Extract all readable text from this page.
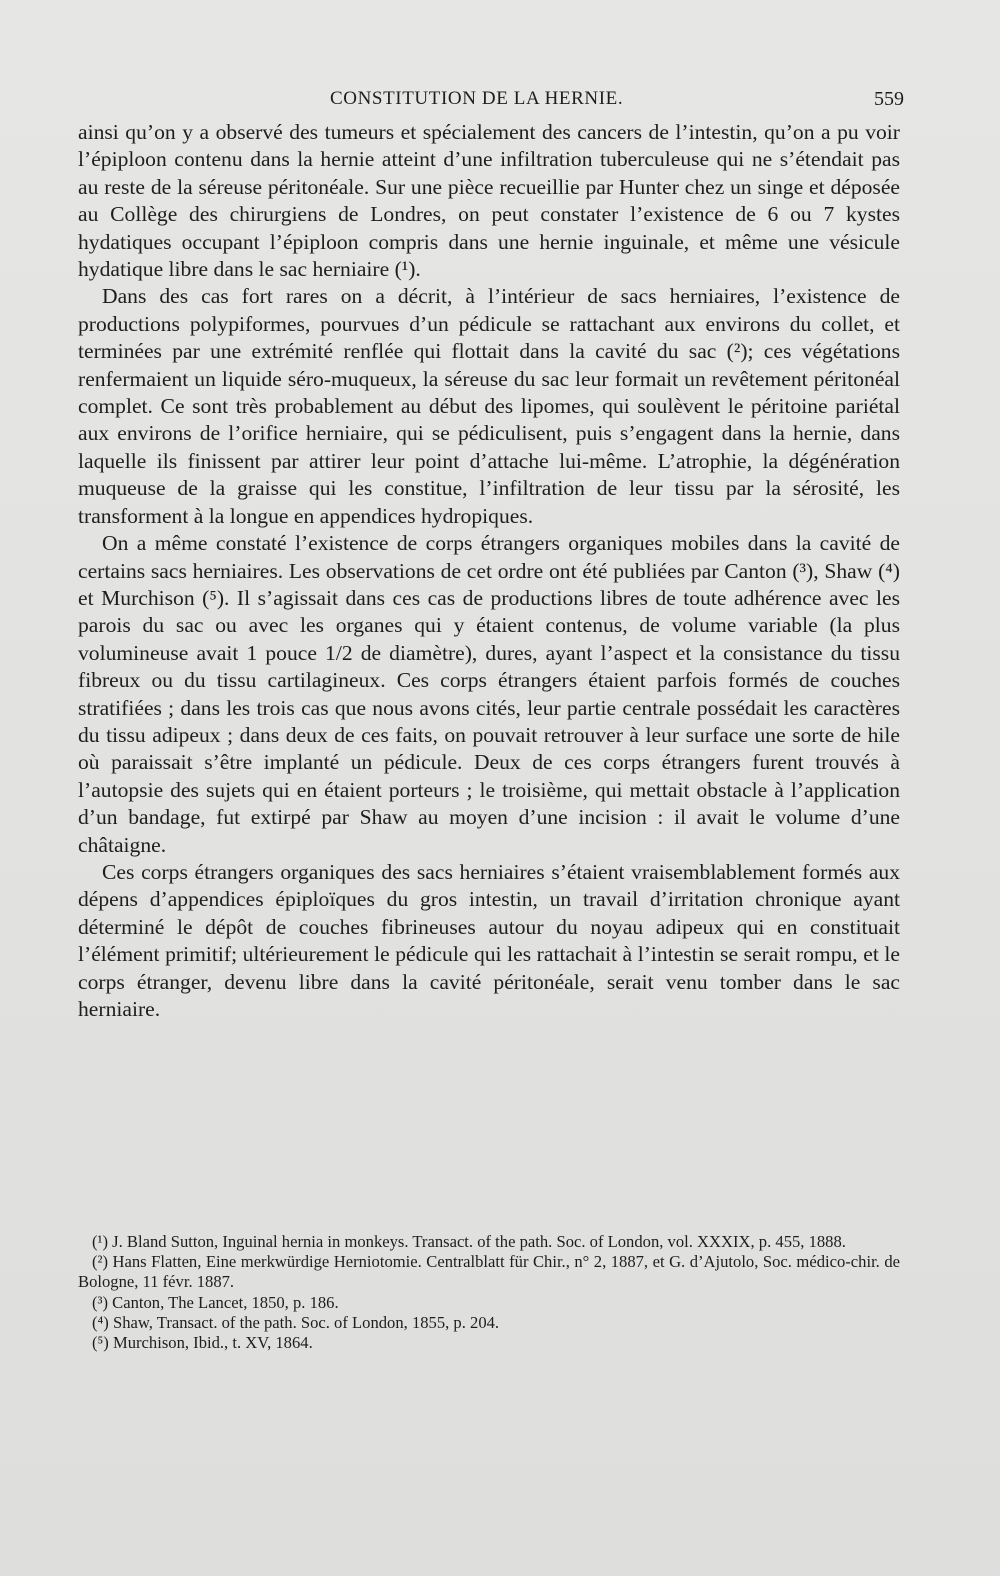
CONSTITUTION DE LA HERNIE.	559

ainsi qu’on y a observé des tumeurs et spécialement des cancers de l’intestin, qu’on a pu voir l’épiploon contenu dans la hernie atteint d’une infiltration tuberculeuse qui ne s’étendait pas au reste de la séreuse péritonéale. Sur une pièce recueillie par Hunter chez un singe et déposée au Collège des chirurgiens de Londres, on peut constater l’existence de 6 ou 7 kystes hydatiques occupant l’épiploon compris dans une hernie inguinale, et même une vésicule hydatique libre dans le sac herniaire (¹).

Dans des cas fort rares on a décrit, à l’intérieur de sacs herniaires, l’existence de productions polypiformes, pourvues d’un pédicule se rattachant aux environs du collet, et terminées par une extrémité renflée qui flottait dans la cavité du sac (²); ces végétations renfermaient un liquide séro-muqueux, la séreuse du sac leur formait un revêtement péritonéal complet. Ce sont très probablement au début des lipomes, qui soulèvent le péritoine pariétal aux environs de l’orifice herniaire, qui se pédiculisent, puis s’engagent dans la hernie, dans laquelle ils finissent par attirer leur point d’attache lui-même. L’atrophie, la dégénération muqueuse de la graisse qui les constitue, l’infiltration de leur tissu par la sérosité, les transforment à la longue en appendices hydropiques.

On a même constaté l’existence de corps étrangers organiques mobiles dans la cavité de certains sacs herniaires. Les observations de cet ordre ont été publiées par Canton (³), Shaw (⁴) et Murchison (⁵). Il s’agissait dans ces cas de productions libres de toute adhérence avec les parois du sac ou avec les organes qui y étaient contenus, de volume variable (la plus volumineuse avait 1 pouce 1/2 de diamètre), dures, ayant l’aspect et la consistance du tissu fibreux ou du tissu cartilagineux. Ces corps étrangers étaient parfois formés de couches stratifiées ; dans les trois cas que nous avons cités, leur partie centrale possédait les caractères du tissu adipeux ; dans deux de ces faits, on pouvait retrouver à leur surface une sorte de hile où paraissait s’être implanté un pédicule. Deux de ces corps étrangers furent trouvés à l’autopsie des sujets qui en étaient porteurs ; le troisième, qui mettait obstacle à l’application d’un bandage, fut extirpé par Shaw au moyen d’une incision : il avait le volume d’une châtaigne.

Ces corps étrangers organiques des sacs herniaires s’étaient vraisemblablement formés aux dépens d’appendices épiploïques du gros intestin, un travail d’irritation chronique ayant déterminé le dépôt de couches fibrineuses autour du noyau adipeux qui en constituait l’élément primitif; ultérieurement le pédicule qui les rattachait à l’intestin se serait rompu, et le corps étranger, devenu libre dans la cavité péritonéale, serait venu tomber dans le sac herniaire.

(¹) J. Bland Sutton, Inguinal hernia in monkeys. Transact. of the path. Soc. of London, vol. XXXIX, p. 455, 1888.

(²) Hans Flatten, Eine merkwürdige Herniotomie. Centralblatt für Chir., n° 2, 1887, et G. d’Ajutolo, Soc. médico-chir. de Bologne, 11 févr. 1887.

(³) Canton, The Lancet, 1850, p. 186.

(⁴) Shaw, Transact. of the path. Soc. of London, 1855, p. 204.

(⁵) Murchison, Ibid., t. XV, 1864.
